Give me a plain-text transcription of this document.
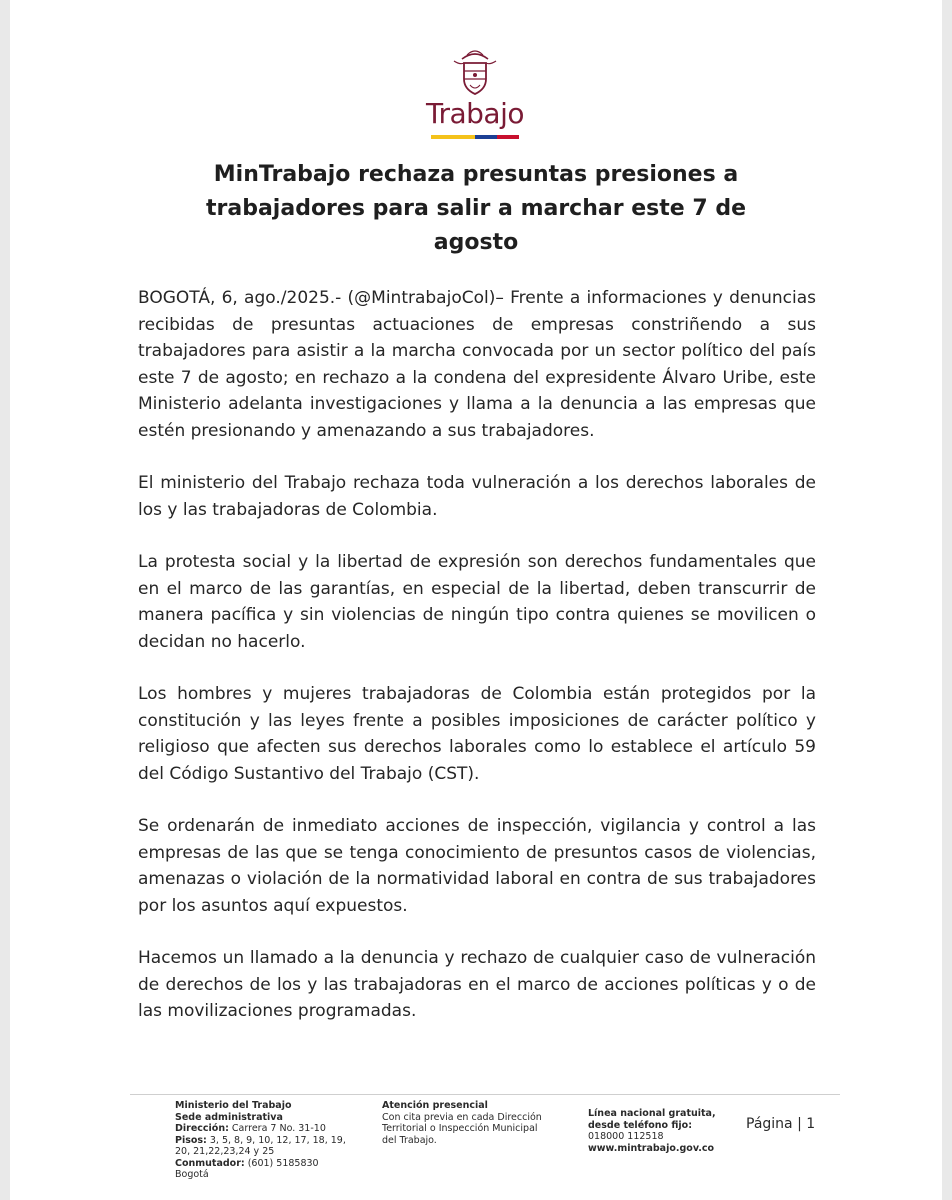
Trabajo
MinTrabajo rechaza presuntas presiones a
trabajadores para salir a marchar este 7 de
agosto

BOGOTÁ, 6, ago./2025.- (@MintrabajoCol)– Frente a informaciones y denuncias recibidas de presuntas actuaciones de empresas constriñendo a sus trabajadores para asistir a la marcha convocada por un sector político del país este 7 de agosto; en rechazo a la condena del expresidente Álvaro Uribe, este Ministerio adelanta investigaciones y llama a la denuncia a las empresas que estén presionando y amenazando a sus trabajadores.

El ministerio del Trabajo rechaza toda vulneración a los derechos laborales de los y las trabajadoras de Colombia.

La protesta social y la libertad de expresión son derechos fundamentales que en el marco de las garantías, en especial de la libertad, deben transcurrir de manera pacífica y sin violencias de ningún tipo contra quienes se movilicen o decidan no hacerlo.

Los hombres y mujeres trabajadoras de Colombia están protegidos por la constitución y las leyes frente a posibles imposiciones de carácter político y religioso que afecten sus derechos laborales como lo establece el artículo 59 del Código Sustantivo del Trabajo (CST).

Se ordenarán de inmediato acciones de inspección, vigilancia y control a las empresas de las que se tenga conocimiento de presuntos casos de violencias, amenazas o violación de la normatividad laboral en contra de sus trabajadores por los asuntos aquí expuestos.

Hacemos un llamado a la denuncia y rechazo de cualquier caso de vulneración de derechos de los y las trabajadoras en el marco de acciones políticas y o de las movilizaciones programadas.

Ministerio del Trabajo
Sede administrativa
Dirección: Carrera 7 No. 31-10
Pisos: 3, 5, 8, 9, 10, 12, 17, 18, 19,
20, 21,22,23,24 y 25
Conmutador: (601) 5185830
Bogotá
Atención presencial
Con cita previa en cada Dirección
Territorial o Inspección Municipal
del Trabajo.
Línea nacional gratuita,
desde teléfono fijo:
018000 112518
www.mintrabajo.gov.co
Página | 1
